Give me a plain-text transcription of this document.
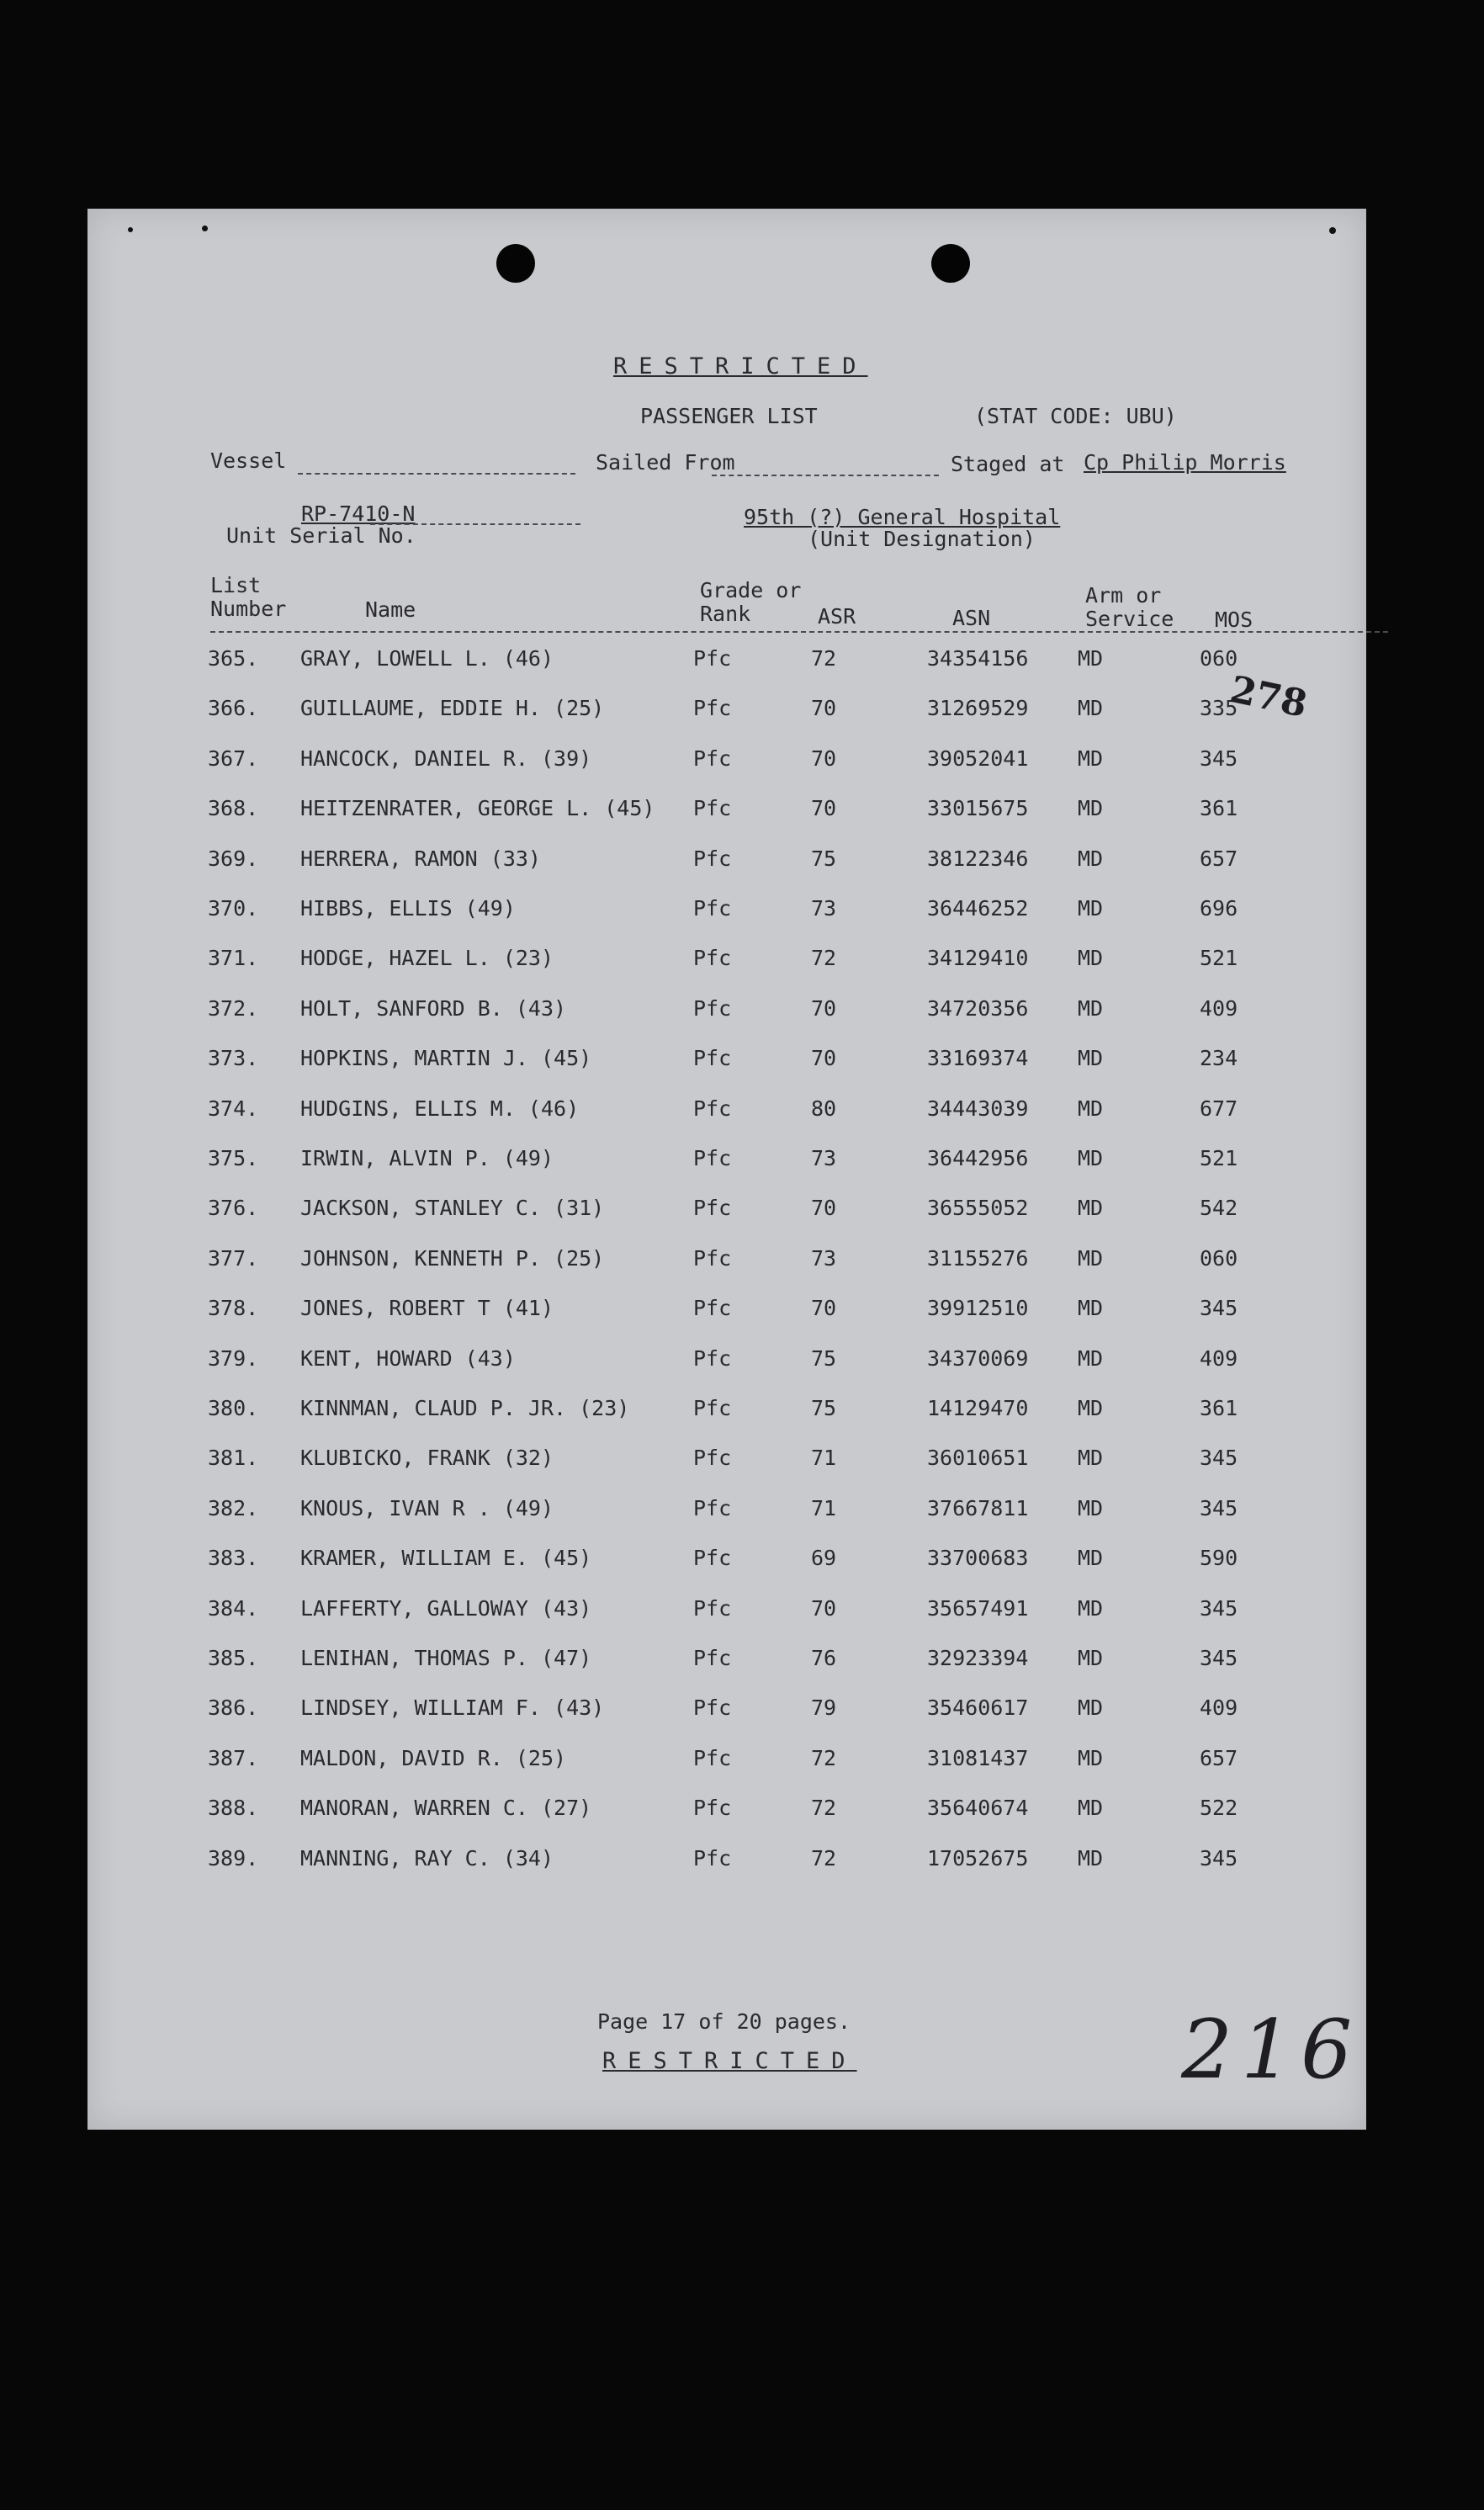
RESTRICTED
PASSENGER LIST	(STAT CODE: UBU)
Vessel	Sailed From	Staged at Cp Philip Morris
RP-7410-N
Unit Serial No.
95th (?) General Hospital
(Unit Designation)
List
Number	Name
Grade or
Rank	ASR	ASN
Arm or
Service MOS
365. GRAY, LOWELL L. (46)	Pfc	72	34354156 MD	060
366. GUILLAUME, EDDIE H. (25)	Pfc	70	31269529 MD	335
367. HANCOCK, DANIEL R. (39)	Pfc	70	39052041 MD	345
368. HEITZENRATER, GEORGE L. (45) Pfc	70	33015675 MD	361
369. HERRERA, RAMON (33)	Pfc	75	38122346 MD	657
370. HIBBS, ELLIS (49)	Pfc	73	36446252 MD	696
371. HODGE, HAZEL L. (23)	Pfc	72	34129410 MD	521
372. HOLT, SANFORD B. (43)	Pfc	70	34720356 MD	409
373. HOPKINS, MARTIN J. (45)	Pfc	70	33169374 MD	234
374. HUDGINS, ELLIS M. (46)	Pfc	80	34443039 MD	677
375. IRWIN, ALVIN P. (49)	Pfc	73	36442956 MD	521
376. JACKSON, STANLEY C. (31)	Pfc	70	36555052 MD	542
377. JOHNSON, KENNETH P. (25)	Pfc	73	31155276 MD	060
378. JONES, ROBERT T (41)	Pfc	70	39912510 MD	345
379. KENT, HOWARD (43)	Pfc	75	34370069 MD	409
380. KINNMAN, CLAUD P. JR. (23)	Pfc	75	14129470 MD	361
381. KLUBICKO, FRANK (32)	Pfc	71	36010651 MD	345
382. KNOUS, IVAN R . (49)	Pfc	71	37667811 MD	345
383. KRAMER, WILLIAM E. (45)	Pfc	69	33700683 MD	590
384. LAFFERTY, GALLOWAY (43)	Pfc	70	35657491 MD	345
385. LENIHAN, THOMAS P. (47)	Pfc	76	32923394 MD	345
386. LINDSEY, WILLIAM F. (43)	Pfc	79	35460617 MD	409
387. MALDON, DAVID R. (25)	Pfc	72	31081437 MD	657
388. MANORAN, WARREN C. (27)	Pfc	72	35640674 MD	522
389. MANNING, RAY C. (34)	Pfc	72	17052675 MD	345
278
Page 17 of 20 pages.
RESTRICTED	216
